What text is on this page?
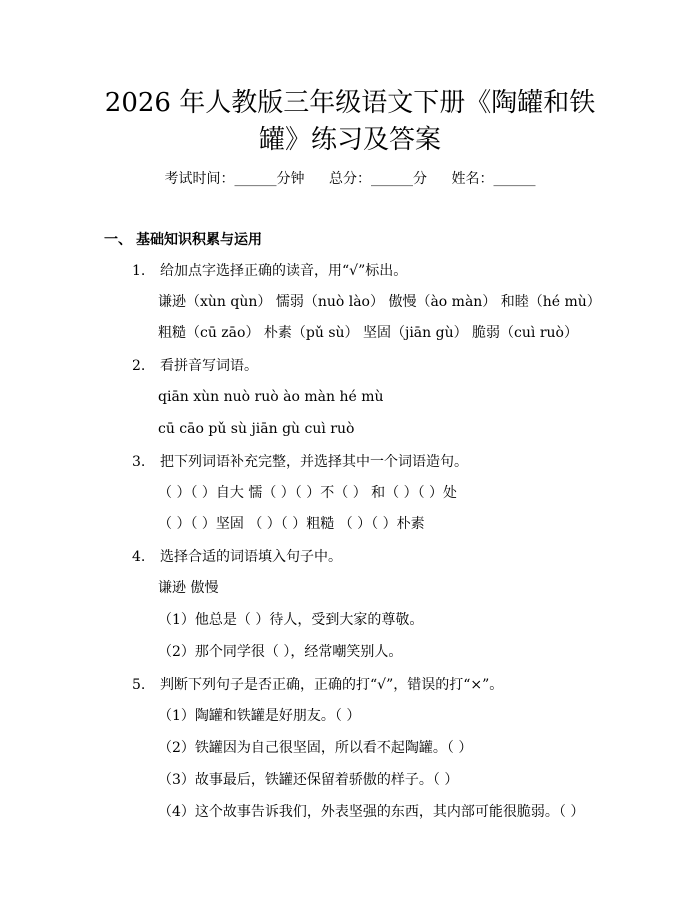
2026 年人教版三年级语文下册《陶罐和铁
罐》练习及答案
考试时间：______分钟 总分：______分 姓名：______
一、 基础知识积累与运用
1. 给加点字选择正确的读音，用“√”标出。
谦逊（xùn qùn） 懦弱（nuò lào） 傲慢（ào màn） 和睦（hé mù）
粗糙（cū zāo） 朴素（pǔ sù） 坚固（jiān gù） 脆弱（cuì ruò）
2. 看拼音写词语。
qiān xùn nuò ruò ào màn hé mù
cū cāo pǔ sù jiān gù cuì ruò
3. 把下列词语补充完整，并选择其中一个词语造句。
（ ）（ ）自大 懦（ ）（ ）不（ ） 和（ ）（ ）处
（ ）（ ）坚固 （ ）（ ）粗糙 （ ）（ ）朴素
4. 选择合适的词语填入句子中。
谦逊 傲慢
（1）他总是（ ）待人，受到大家的尊敬。
（2）那个同学很（ ），经常嘲笑别人。
5. 判断下列句子是否正确，正确的打“√”，错误的打“×”。
（1）陶罐和铁罐是好朋友。（ ）
（2）铁罐因为自己很坚固，所以看不起陶罐。（ ）
（3）故事最后，铁罐还保留着骄傲的样子。（ ）
（4）这个故事告诉我们，外表坚强的东西，其内部可能很脆弱。（ ）
